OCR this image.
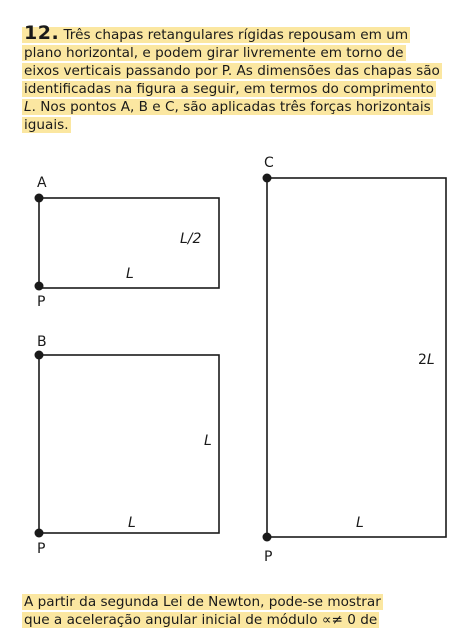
12. Três chapas retangulares rígidas repousam em um plano horizontal, e podem girar livremente em torno de eixos verticais passando por P. As dimensões das chapas são identificadas na figura a seguir, em termos do comprimento L. Nos pontos A, B e C, são aplicadas três forças horizontais iguais.

A
P
L/2
L
B
P
L
L
C
P
2L
L

A partir da segunda Lei de Newton, pode-se mostrar
que a aceleração angular inicial de módulo ∝≠ 0 de
